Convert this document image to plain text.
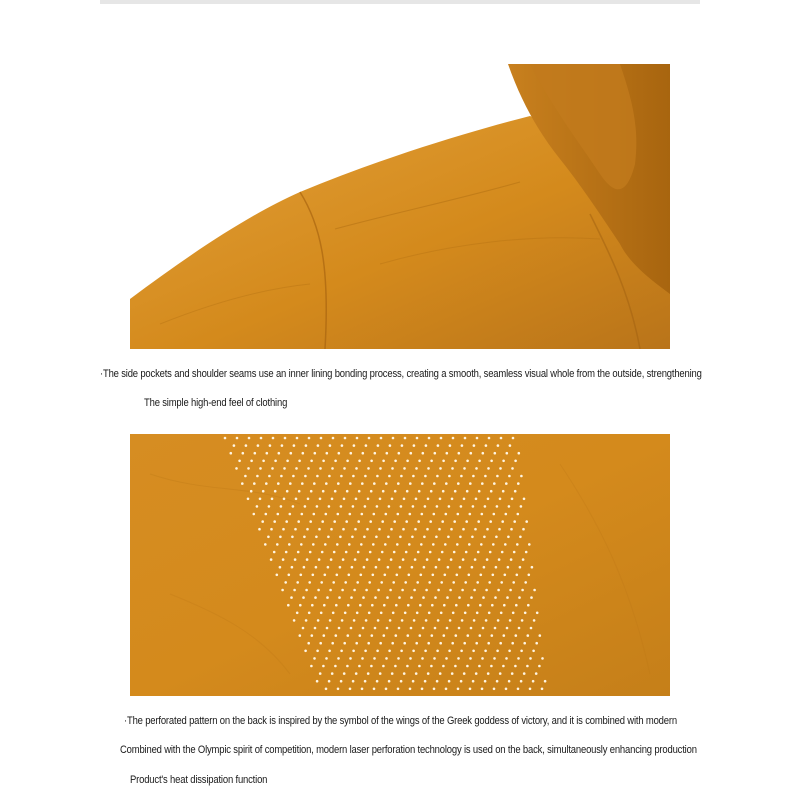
·The side pockets and shoulder seams use an inner lining bonding process, creating a smooth, seamless visual whole from the outside, strengthening
The simple high-end feel of clothing
·The perforated pattern on the back is inspired by the symbol of the wings of the Greek goddess of victory, and it is combined with modern
Combined with the Olympic spirit of competition, modern laser perforation technology is used on the back, simultaneously enhancing production
Product's heat dissipation function
